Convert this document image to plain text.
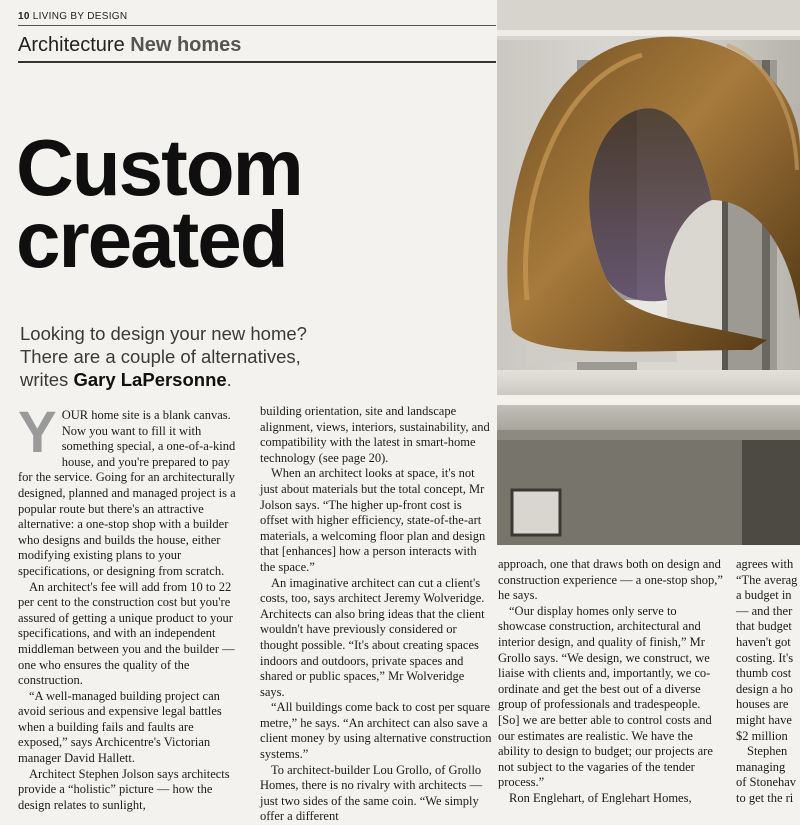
10 LIVING BY DESIGN
Architecture New homes
Custom
created
Looking to design your new home?
There are a couple of alternatives,
writes Gary LaPersonne.

YOUR home site is a blank canvas. Now you want to fill it with something special, a one-of-a-kind house, and you're prepared to pay for the service. Going for an architecturally designed, planned and managed project is a popular route but there's an attractive alternative: a one-stop shop with a builder who designs and builds the house, either modifying existing plans to your specifications, or designing from scratch.

An architect's fee will add from 10 to 22 per cent to the construction cost but you're assured of getting a unique product to your specifications, and with an independent middleman between you and the builder — one who ensures the quality of the construction.

“A well-managed building project can avoid serious and expensive legal battles when a building fails and faults are exposed,” says Archicentre's Victorian manager David Hallett.

Architect Stephen Jolson says architects provide a “holistic” picture — how the design relates to sunlight,

building orientation, site and landscape alignment, views, interiors, sustainability, and compatibility with the latest in smart-home technology (see page 20).

When an architect looks at space, it's not just about materials but the total concept, Mr Jolson says. “The higher up-front cost is offset with higher efficiency, state-of-the-art materials, a welcoming floor plan and design that [enhances] how a person interacts with the space.”

An imaginative architect can cut a client's costs, too, says architect Jeremy Wolveridge. Architects can also bring ideas that the client wouldn't have previously considered or thought possible. “It's about creating spaces indoors and outdoors, private spaces and shared or public spaces,” Mr Wolveridge says.

“All buildings come back to cost per square metre,” he says. “An architect can also save a client money by using alternative construction systems.”

To architect-builder Lou Grollo, of Grollo Homes, there is no rivalry with architects — just two sides of the same coin. “We simply offer a different

approach, one that draws both on design and construction experience — a one-stop shop,” he says.

“Our display homes only serve to showcase construction, architectural and interior design, and quality of finish,” Mr Grollo says. “We design, we construct, we liaise with clients and, importantly, we co-ordinate and get the best out of a diverse group of professionals and tradespeople. [So] we are better able to control costs and our estimates are realistic. We have the ability to design to budget; our projects are not subject to the vagaries of the tender process.”

Ron Englehart, of Englehart Homes,

agrees with

“The averag

a budget in

— and ther

that budget

haven't got

costing. It's

thumb cost

design a ho

houses are

might have

$2 million

Stephen

managing

of Stonehav

to get the ri
